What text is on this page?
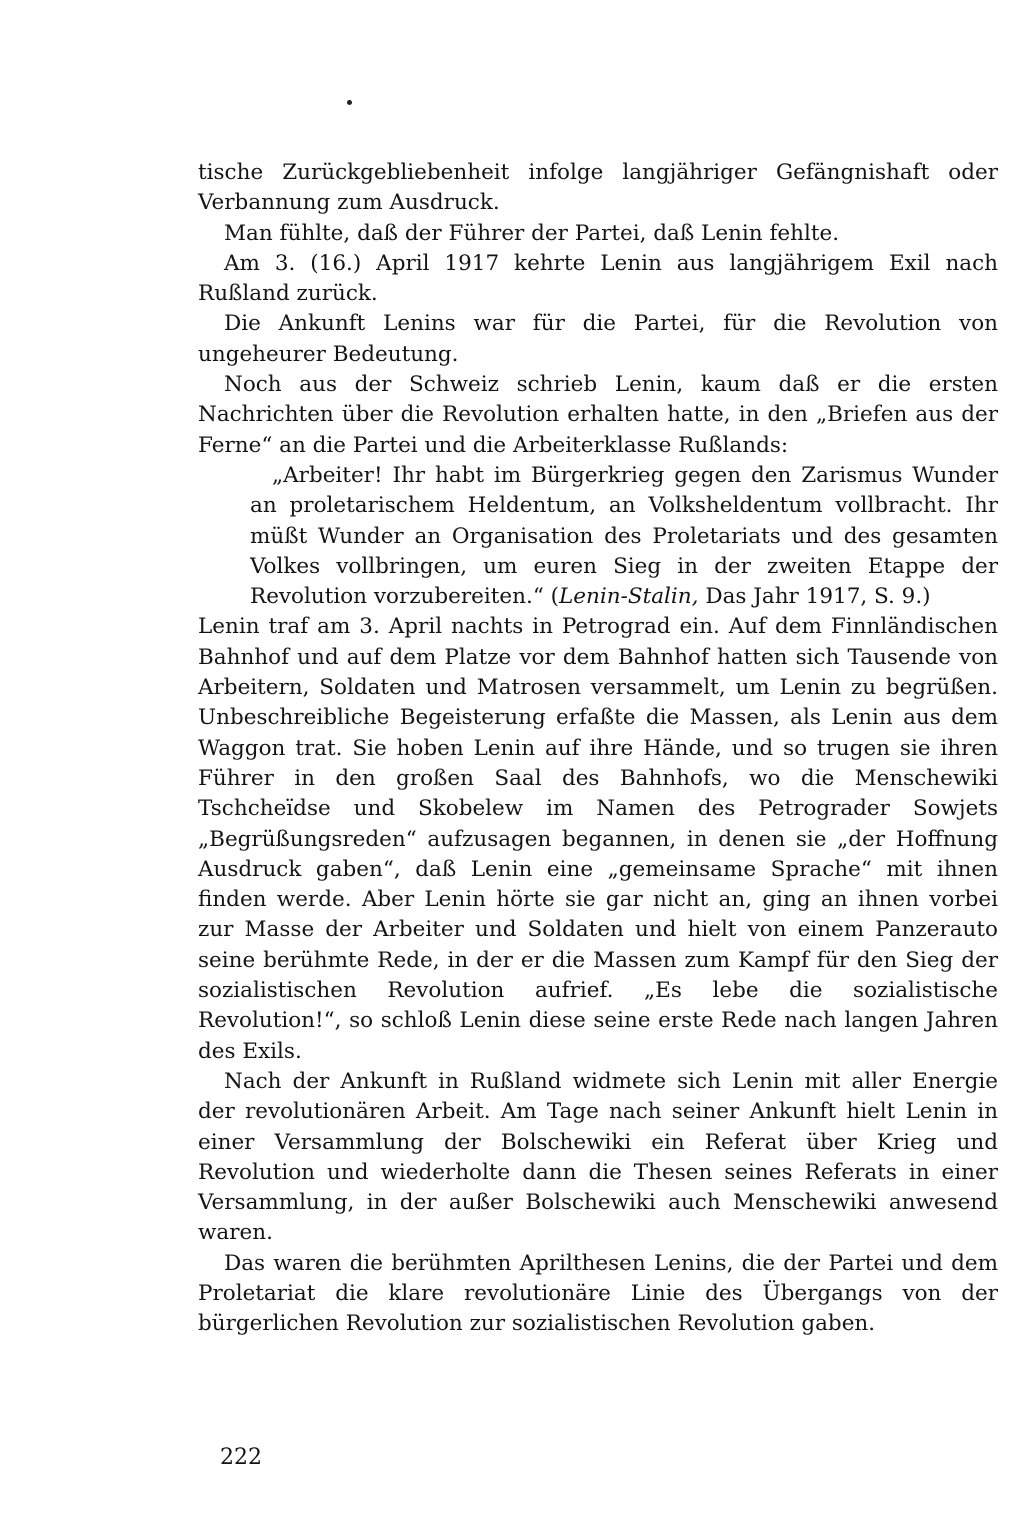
tische Zurückgebliebenheit infolge langjähriger Gefängnishaft oder Verbannung zum Ausdruck.

Man fühlte, daß der Führer der Partei, daß Lenin fehlte.

Am 3. (16.) April 1917 kehrte Lenin aus langjährigem Exil nach Rußland zurück.

Die Ankunft Lenins war für die Partei, für die Revolution von ungeheurer Bedeutung.

Noch aus der Schweiz schrieb Lenin, kaum daß er die ersten Nachrichten über die Revolution erhalten hatte, in den „Briefen aus der Ferne“ an die Partei und die Arbeiterklasse Rußlands:

„Arbeiter! Ihr habt im Bürgerkrieg gegen den Zarismus Wunder an proletarischem Heldentum, an Volksheldentum vollbracht. Ihr müßt Wunder an Organisation des Proletariats und des gesamten Volkes vollbringen, um euren Sieg in der zweiten Etappe der Revolution vorzubereiten.“ (Lenin-Stalin, Das Jahr 1917, S. 9.)

Lenin traf am 3. April nachts in Petrograd ein. Auf dem Finnländischen Bahnhof und auf dem Platze vor dem Bahnhof hatten sich Tausende von Arbeitern, Soldaten und Matrosen versammelt, um Lenin zu begrüßen. Unbeschreibliche Begeisterung erfaßte die Massen, als Lenin aus dem Waggon trat. Sie hoben Lenin auf ihre Hände, und so trugen sie ihren Führer in den großen Saal des Bahnhofs, wo die Menschewiki Tschcheïdse und Skobelew im Namen des Petrograder Sowjets „Begrüßungsreden“ aufzusagen begannen, in denen sie „der Hoffnung Ausdruck gaben“, daß Lenin eine „gemeinsame Sprache“ mit ihnen finden werde. Aber Lenin hörte sie gar nicht an, ging an ihnen vorbei zur Masse der Arbeiter und Soldaten und hielt von einem Panzerauto seine berühmte Rede, in der er die Massen zum Kampf für den Sieg der sozialistischen Revolution aufrief. „Es lebe die sozialistische Revolution!“, so schloß Lenin diese seine erste Rede nach langen Jahren des Exils.

Nach der Ankunft in Rußland widmete sich Lenin mit aller Energie der revolutionären Arbeit. Am Tage nach seiner Ankunft hielt Lenin in einer Versammlung der Bolschewiki ein Referat über Krieg und Revolution und wiederholte dann die Thesen seines Referats in einer Versammlung, in der außer Bolschewiki auch Menschewiki anwesend waren.

Das waren die berühmten Aprilthesen Lenins, die der Partei und dem Proletariat die klare revolutionäre Linie des Übergangs von der bürgerlichen Revolution zur sozialistischen Revolution gaben.

222
